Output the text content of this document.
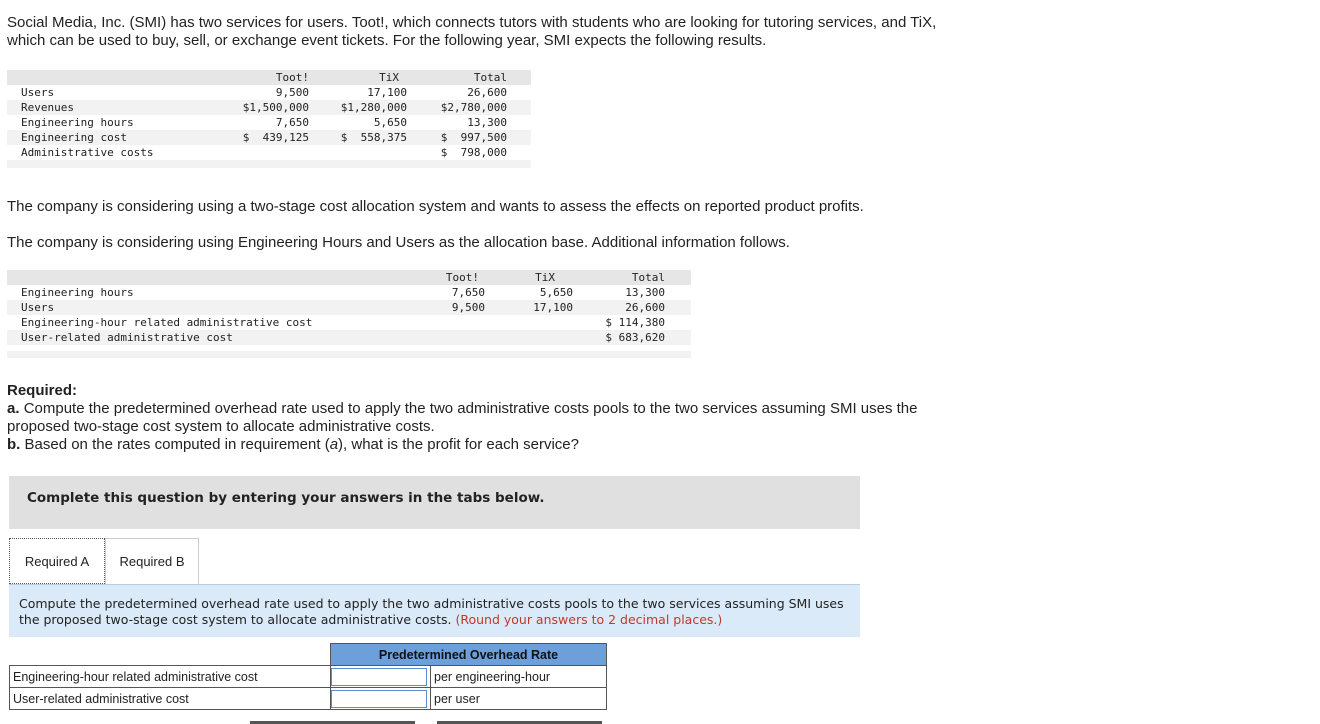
Social Media, Inc. (SMI) has two services for users. Toot!, which connects tutors with students who are looking for tutoring services, and TiX, which can be used to buy, sell, or exchange event tickets. For the following year, SMI expects the following results.
		Toot!	TiX	Total	
	Users	9,500	17,100	26,600	
	Revenues	$1,500,000	$1,280,000	$2,780,000	
	Engineering hours	7,650	5,650	13,300	
	Engineering cost	$  439,125	$  558,375	$  997,500	
	Administrative costs			$  798,000	

The company is considering using a two-stage cost allocation system and wants to assess the effects on reported product profits.
The company is considering using Engineering Hours and Users as the allocation base. Additional information follows.
		Toot!	TiX	Total	
	Engineering hours	7,650	5,650	13,300	
	Users	9,500	17,100	26,600	
	Engineering-hour related administrative cost			$ 114,380	
	User-related administrative cost			$ 683,620	

Required:
a. Compute the predetermined overhead rate used to apply the two administrative costs pools to the two services assuming SMI uses the proposed two-stage cost system to allocate administrative costs.
b. Based on the rates computed in requirement (a), what is the profit for each service?
Complete this question by entering your answers in the tabs below.
Required A	Required B

Compute the predetermined overhead rate used to apply the two administrative costs pools to the two services assuming SMI uses the proposed two-stage cost system to allocate administrative costs. (Round your answers to 2 decimal places.)

	Predetermined Overhead Rate	
Engineering-hour related administrative cost		per engineering-hour
User-related administrative cost		per user
